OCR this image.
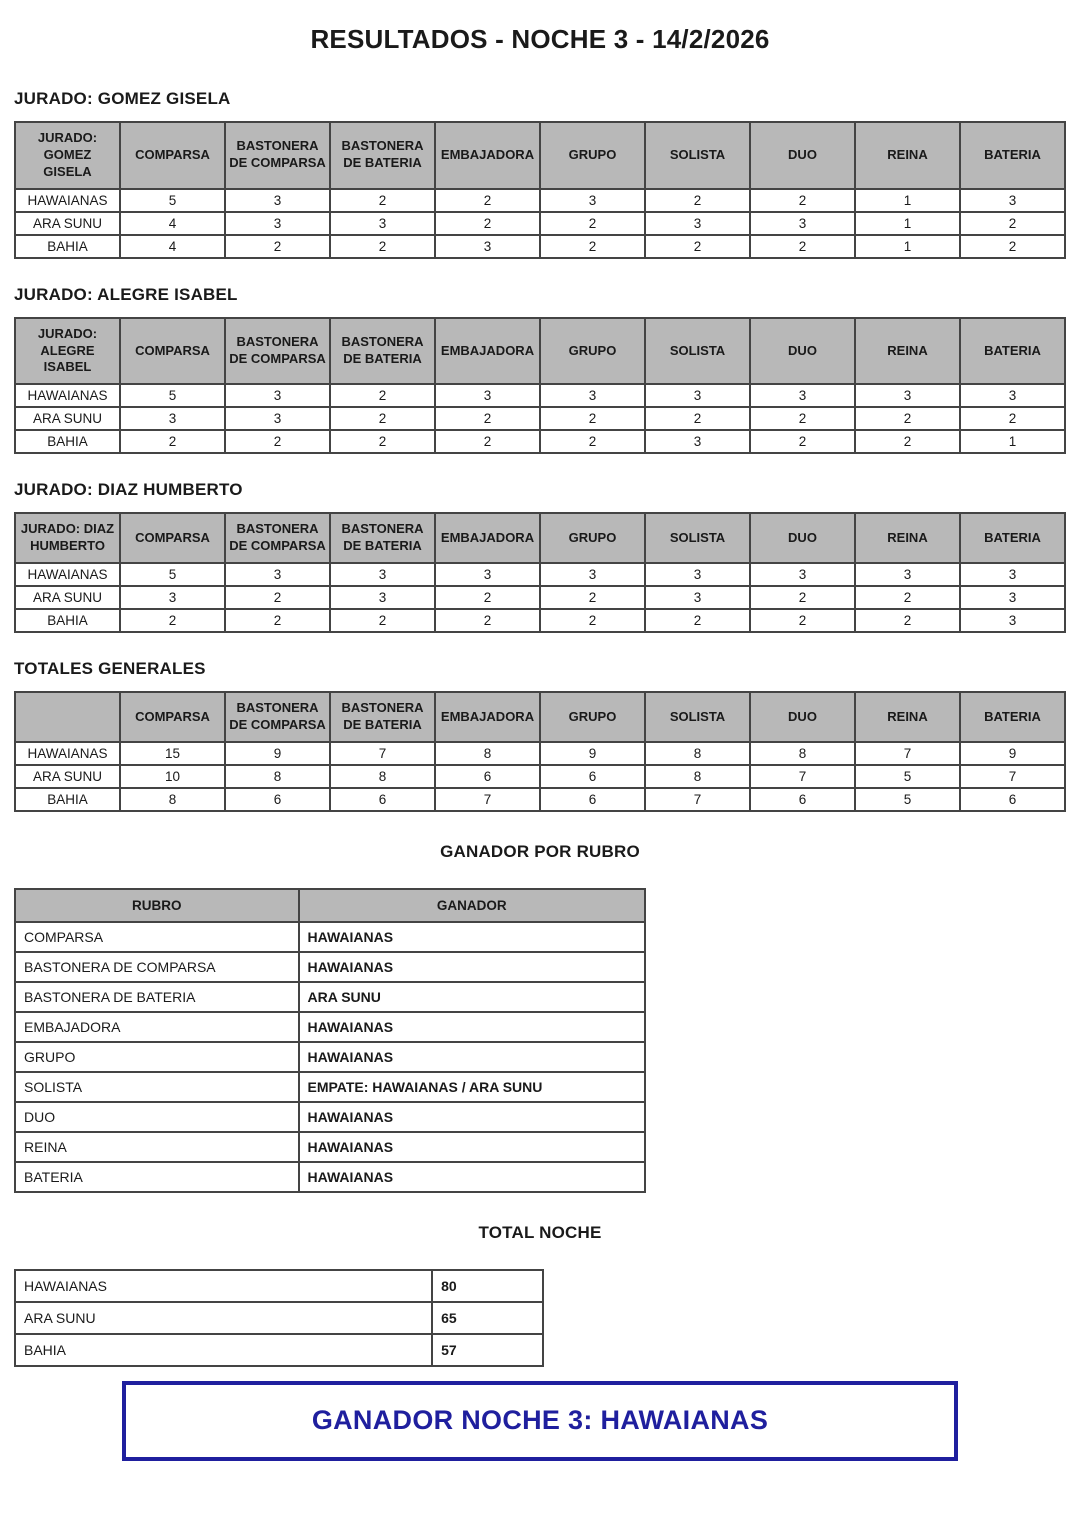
RESULTADOS - NOCHE 3 - 14/2/2026
JURADO: GOMEZ GISELA
JURADO: GOMEZ GISELA	COMPARSA	BASTONERA DE COMPARSA	BASTONERA DE BATERIA	EMBAJADORA	GRUPO	SOLISTA	DUO	REINA	BATERIA
HAWAIANAS	5	3	2	2	3	2	2	1	3
ARA SUNU	4	3	3	2	2	3	3	1	2
BAHIA	4	2	2	3	2	2	2	1	2
JURADO: ALEGRE ISABEL
JURADO: ALEGRE ISABEL	COMPARSA	BASTONERA DE COMPARSA	BASTONERA DE BATERIA	EMBAJADORA	GRUPO	SOLISTA	DUO	REINA	BATERIA
HAWAIANAS	5	3	2	3	3	3	3	3	3
ARA SUNU	3	3	2	2	2	2	2	2	2
BAHIA	2	2	2	2	2	3	2	2	1
JURADO: DIAZ HUMBERTO
JURADO: DIAZ HUMBERTO	COMPARSA	BASTONERA DE COMPARSA	BASTONERA DE BATERIA	EMBAJADORA	GRUPO	SOLISTA	DUO	REINA	BATERIA
HAWAIANAS	5	3	3	3	3	3	3	3	3
ARA SUNU	3	2	3	2	2	3	2	2	3
BAHIA	2	2	2	2	2	2	2	2	3
TOTALES GENERALES
	COMPARSA	BASTONERA DE COMPARSA	BASTONERA DE BATERIA	EMBAJADORA	GRUPO	SOLISTA	DUO	REINA	BATERIA
HAWAIANAS	15	9	7	8	9	8	8	7	9
ARA SUNU	10	8	8	6	6	8	7	5	7
BAHIA	8	6	6	7	6	7	6	5	6
GANADOR POR RUBRO
RUBRO	GANADOR
COMPARSA	HAWAIANAS
BASTONERA DE COMPARSA	HAWAIANAS
BASTONERA DE BATERIA	ARA SUNU
EMBAJADORA	HAWAIANAS
GRUPO	HAWAIANAS
SOLISTA	EMPATE: HAWAIANAS / ARA SUNU
DUO	HAWAIANAS
REINA	HAWAIANAS
BATERIA	HAWAIANAS
TOTAL NOCHE
HAWAIANAS	80
ARA SUNU	65
BAHIA	57
GANADOR NOCHE 3: HAWAIANAS
